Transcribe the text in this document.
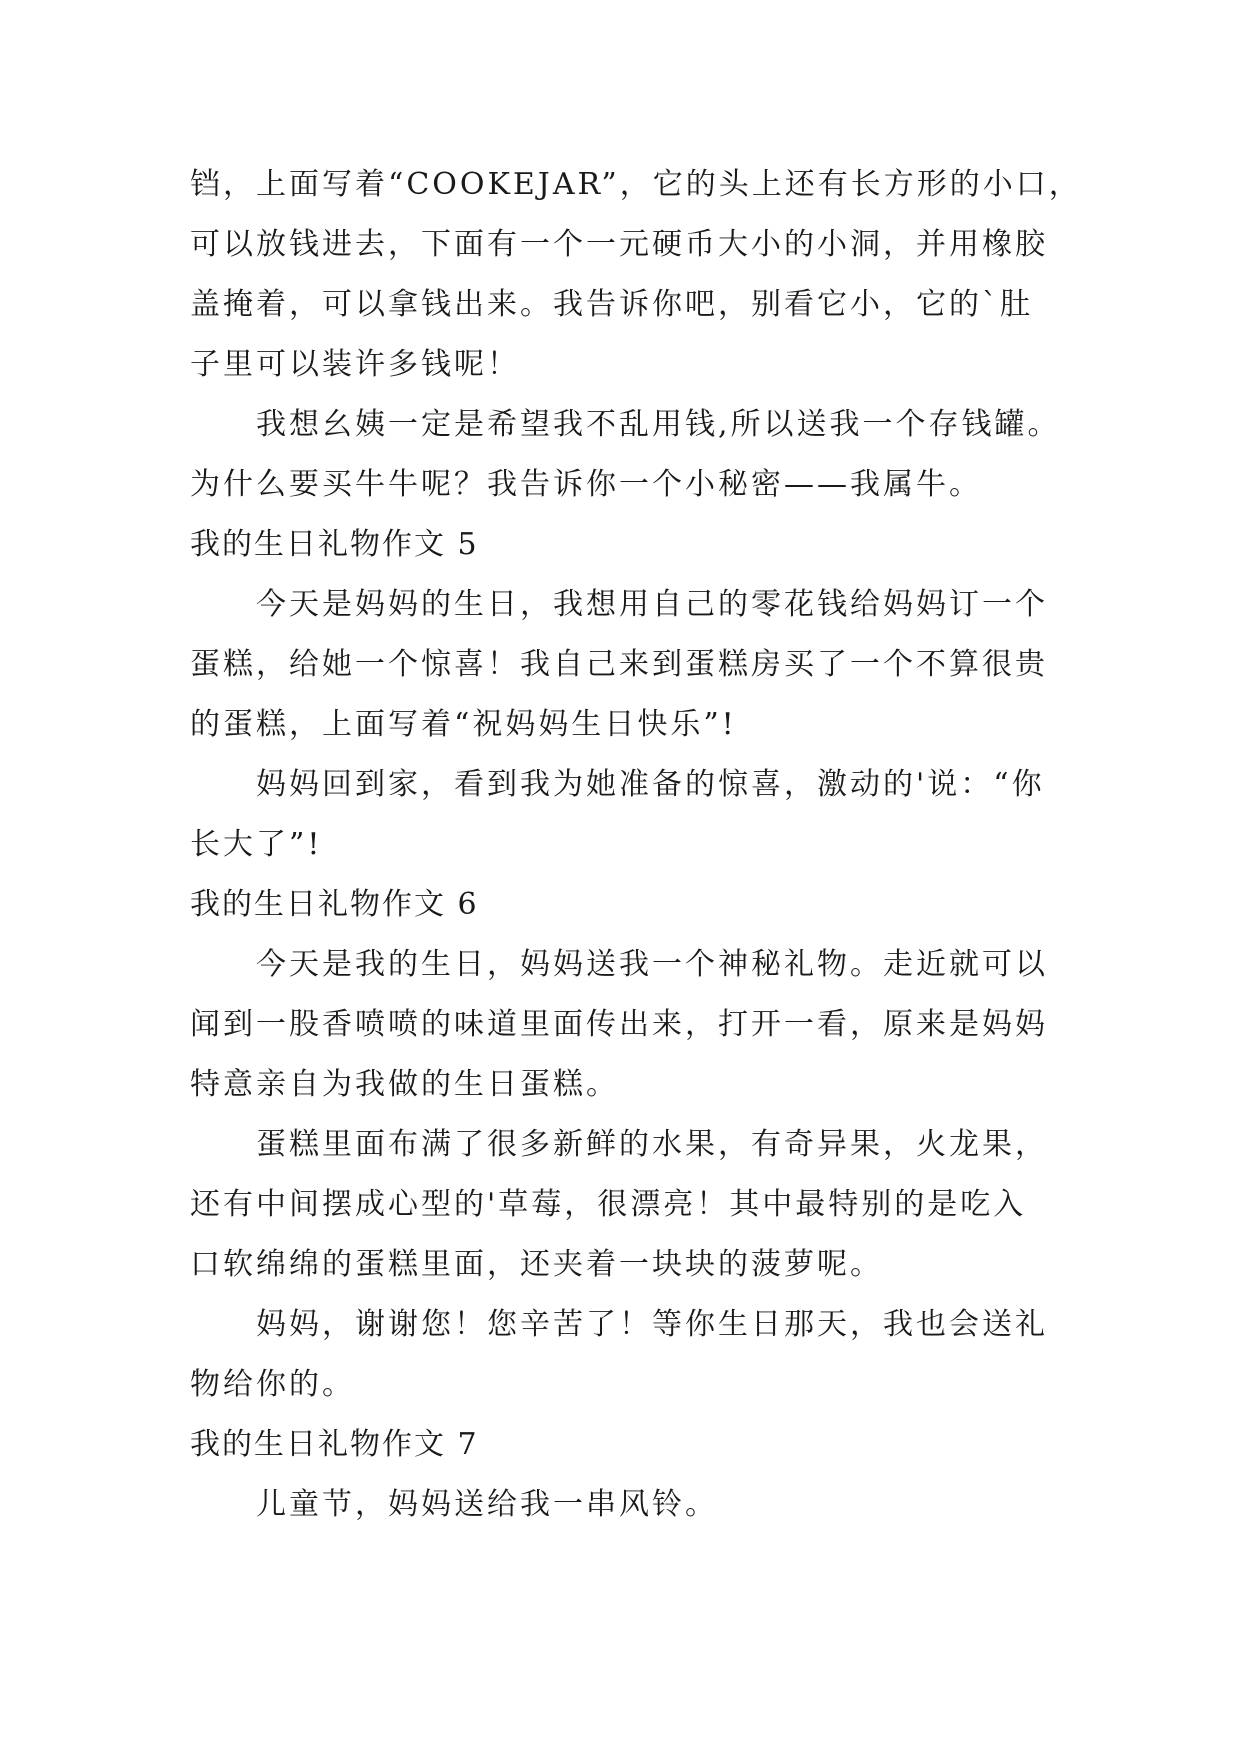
铛，上面写着“COOKEJAR”，它的头上还有长方形的小口，
可以放钱进去，下面有一个一元硬币大小的小洞，并用橡胶
盖掩着，可以拿钱出来。我告诉你吧，别看它小，它的`肚
子里可以装许多钱呢！
我想幺姨一定是希望我不乱用钱,所以送我一个存钱罐。
为什么要买牛牛呢？我告诉你一个小秘密——我属牛。
我的生日礼物作文 5
今天是妈妈的生日，我想用自己的零花钱给妈妈订一个
蛋糕，给她一个惊喜！我自己来到蛋糕房买了一个不算很贵
的蛋糕，上面写着“祝妈妈生日快乐”!
妈妈回到家，看到我为她准备的惊喜，激动的'说：“你
长大了”!
我的生日礼物作文 6
今天是我的生日，妈妈送我一个神秘礼物。走近就可以
闻到一股香喷喷的味道里面传出来，打开一看，原来是妈妈
特意亲自为我做的生日蛋糕。
蛋糕里面布满了很多新鲜的水果，有奇异果，火龙果，
还有中间摆成心型的'草莓，很漂亮！其中最特别的是吃入
口软绵绵的蛋糕里面，还夹着一块块的菠萝呢。
妈妈，谢谢您！您辛苦了！等你生日那天，我也会送礼
物给你的。
我的生日礼物作文 7
儿童节，妈妈送给我一串风铃。
